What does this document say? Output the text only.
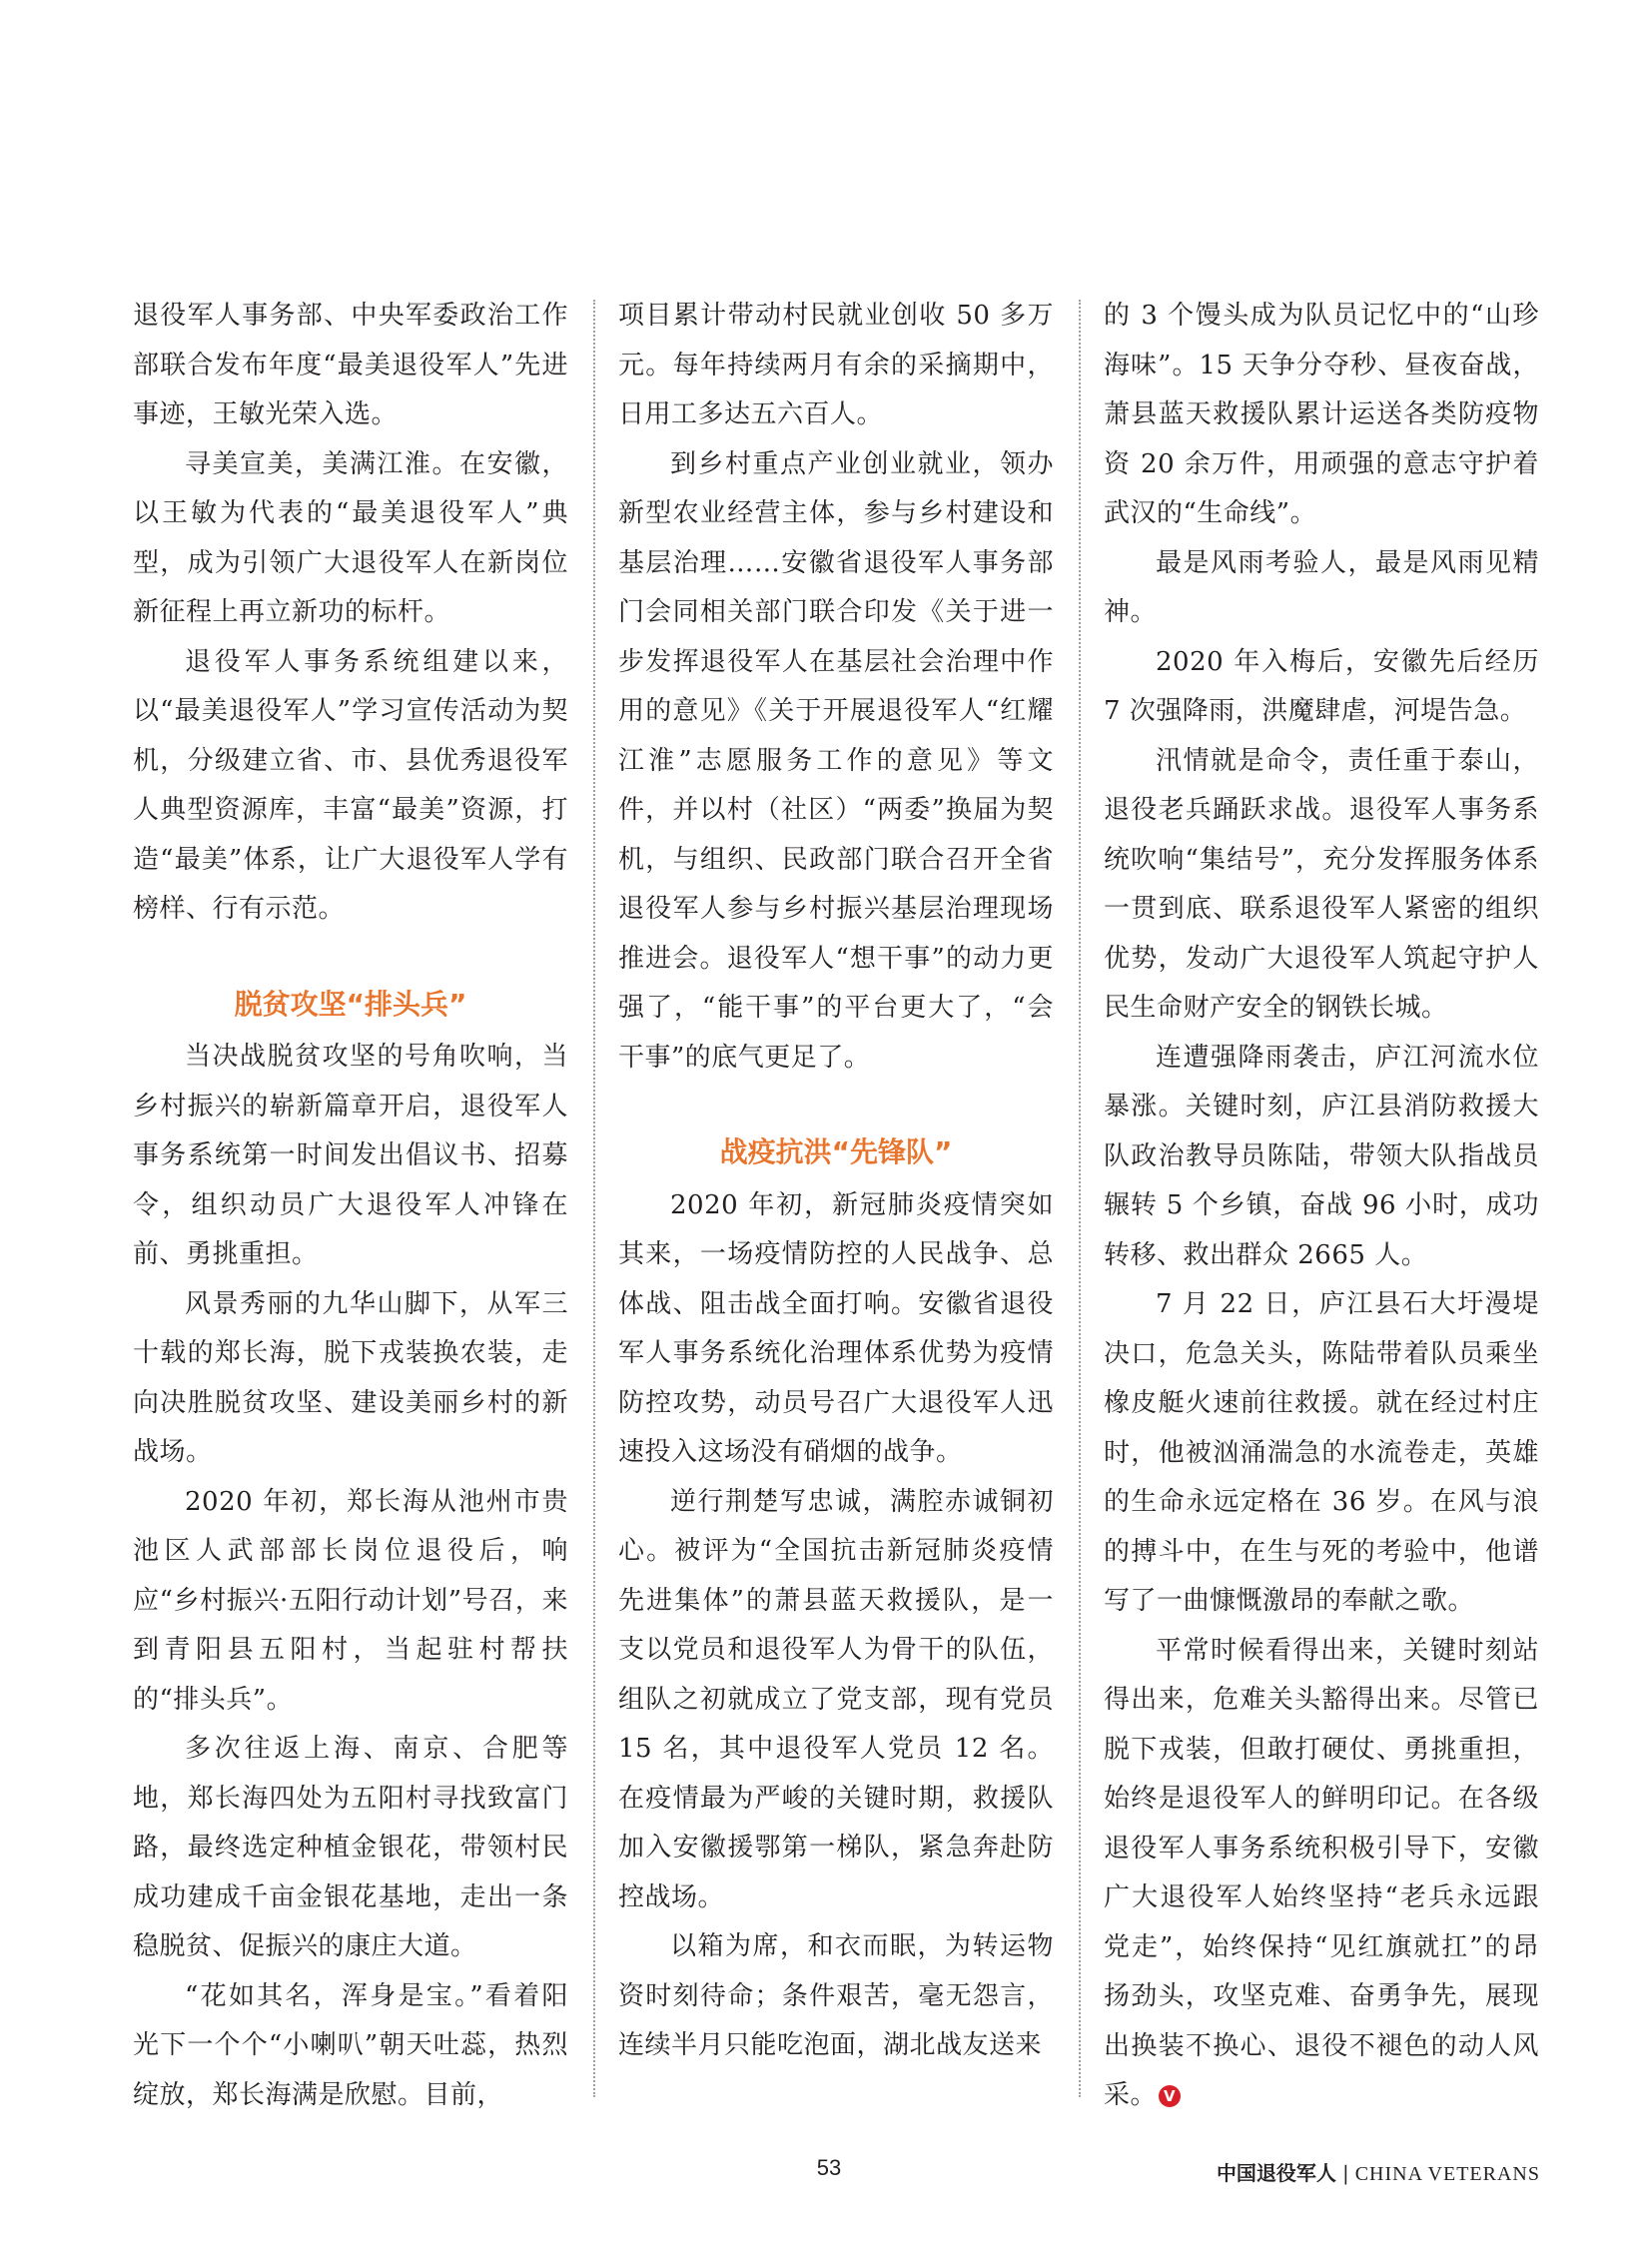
退役军人事务部、中央军委政治工作部联合发布年度“最美退役军人”先进事迹，王敏光荣入选。

寻美宣美，美满江淮。在安徽，以王敏为代表的“最美退役军人”典型，成为引领广大退役军人在新岗位新征程上再立新功的标杆。

退役军人事务系统组建以来，以“最美退役军人”学习宣传活动为契机，分级建立省、市、县优秀退役军人典型资源库，丰富“最美”资源，打造“最美”体系，让广大退役军人学有榜样、行有示范。

脱贫攻坚“排头兵”

当决战脱贫攻坚的号角吹响，当乡村振兴的崭新篇章开启，退役军人事务系统第一时间发出倡议书、招募令，组织动员广大退役军人冲锋在前、勇挑重担。

风景秀丽的九华山脚下，从军三十载的郑长海，脱下戎装换农装，走向决胜脱贫攻坚、建设美丽乡村的新战场。

2020 年初，郑长海从池州市贵池区人武部部长岗位退役后，响应“乡村振兴·五阳行动计划”号召，来到青阳县五阳村，当起驻村帮扶的“排头兵”。

多次往返上海、南京、合肥等地，郑长海四处为五阳村寻找致富门路，最终选定种植金银花，带领村民成功建成千亩金银花基地，走出一条稳脱贫、促振兴的康庄大道。

“花如其名，浑身是宝。”看着阳光下一个个“小喇叭”朝天吐蕊，热烈绽放，郑长海满是欣慰。目前，

项目累计带动村民就业创收 50 多万元。每年持续两月有余的采摘期中，日用工多达五六百人。

到乡村重点产业创业就业，领办新型农业经营主体，参与乡村建设和基层治理……安徽省退役军人事务部门会同相关部门联合印发《关于进一步发挥退役军人在基层社会治理中作用的意见》《关于开展退役军人“红耀江淮”志愿服务工作的意见》等文件，并以村（社区）“两委”换届为契机，与组织、民政部门联合召开全省退役军人参与乡村振兴基层治理现场推进会。退役军人“想干事”的动力更强了，“能干事”的平台更大了，“会干事”的底气更足了。

战疫抗洪“先锋队”

2020 年初，新冠肺炎疫情突如其来，一场疫情防控的人民战争、总体战、阻击战全面打响。安徽省退役军人事务系统化治理体系优势为疫情防控攻势，动员号召广大退役军人迅速投入这场没有硝烟的战争。

逆行荆楚写忠诚，满腔赤诚铜初心。被评为“全国抗击新冠肺炎疫情先进集体”的萧县蓝天救援队，是一支以党员和退役军人为骨干的队伍，组队之初就成立了党支部，现有党员 15 名，其中退役军人党员 12 名。在疫情最为严峻的关键时期，救援队加入安徽援鄂第一梯队，紧急奔赴防控战场。

以箱为席，和衣而眠，为转运物资时刻待命；条件艰苦，毫无怨言，连续半月只能吃泡面，湖北战友送来

的 3 个馒头成为队员记忆中的“山珍海味”。15 天争分夺秒、昼夜奋战，萧县蓝天救援队累计运送各类防疫物资 20 余万件，用顽强的意志守护着武汉的“生命线”。

最是风雨考验人，最是风雨见精神。

2020 年入梅后，安徽先后经历 7 次强降雨，洪魔肆虐，河堤告急。

汛情就是命令，责任重于泰山，退役老兵踊跃求战。退役军人事务系统吹响“集结号”，充分发挥服务体系一贯到底、联系退役军人紧密的组织优势，发动广大退役军人筑起守护人民生命财产安全的钢铁长城。

连遭强降雨袭击，庐江河流水位暴涨。关键时刻，庐江县消防救援大队政治教导员陈陆，带领大队指战员辗转 5 个乡镇，奋战 96 小时，成功转移、救出群众 2665 人。

7 月 22 日，庐江县石大圩漫堤决口，危急关头，陈陆带着队员乘坐橡皮艇火速前往救援。就在经过村庄时，他被汹涌湍急的水流卷走，英雄的生命永远定格在 36 岁。在风与浪的搏斗中，在生与死的考验中，他谱写了一曲慷慨激昂的奉献之歌。

平常时候看得出来，关键时刻站得出来，危难关头豁得出来。尽管已脱下戎装，但敢打硬仗、勇挑重担，始终是退役军人的鲜明印记。在各级退役军人事务系统积极引导下，安徽广大退役军人始终坚持“老兵永远跟党走”，始终保持“见红旗就扛”的昂扬劲头，攻坚克难、奋勇争先，展现出换装不换心、退役不褪色的动人风采。 V

53	中国退役军人 | CHINA VETERANS
